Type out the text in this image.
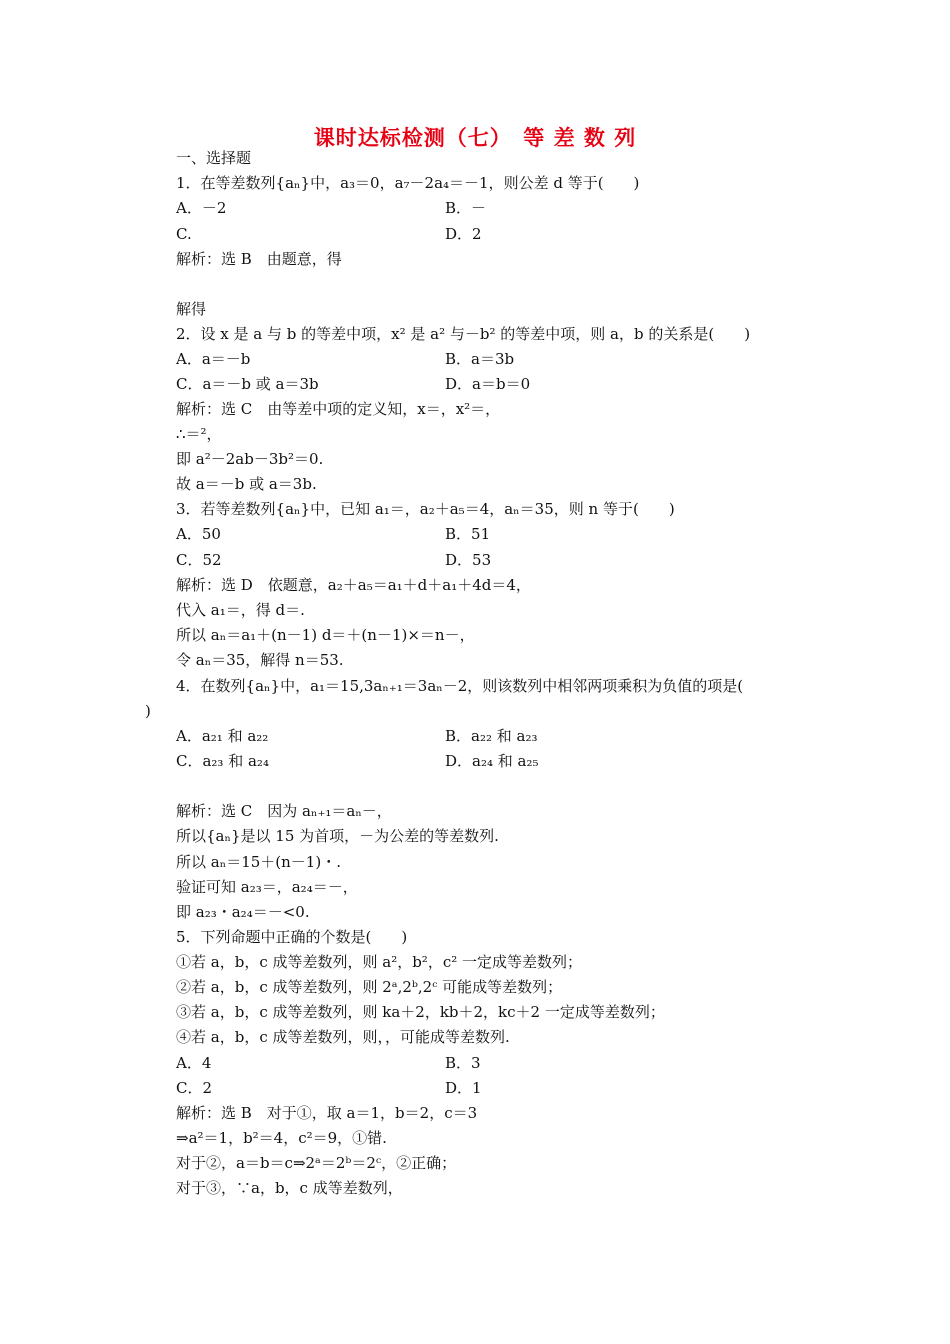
课时达标检测（七）　等 差 数 列
一、选择题
1．在等差数列{aₙ}中，a₃＝0，a₇－2a₄＝－1，则公差 d 等于(　　)
A．－2	B．－
C.	D．2
解析：选 B　由题意，得
解得
2．设 x 是 a 与 b 的等差中项，x² 是 a² 与－b² 的等差中项，则 a，b 的关系是(　　)
A．a＝－b	B．a＝3b
C．a＝－b 或 a＝3b	D．a＝b＝0
解析：选 C　由等差中项的定义知，x＝，x²＝，
∴＝²，
即 a²－2ab－3b²＝0.
故 a＝－b 或 a＝3b.
3．若等差数列{aₙ}中，已知 a₁＝，a₂＋a₅＝4，aₙ＝35，则 n 等于(　　)
A．50	B．51
C．52	D．53
解析：选 D　依题意，a₂＋a₅＝a₁＋d＋a₁＋4d＝4，
代入 a₁＝，得 d＝.
所以 aₙ＝a₁＋(n－1) d＝＋(n－1)×＝n－，
令 aₙ＝35，解得 n＝53.
4．在数列{aₙ}中，a₁＝15,3aₙ₊₁＝3aₙ－2，则该数列中相邻两项乘积为负值的项是(
)
A．a₂₁ 和 a₂₂	B．a₂₂ 和 a₂₃
C．a₂₃ 和 a₂₄	D．a₂₄ 和 a₂₅
解析：选 C　因为 aₙ₊₁＝aₙ－，
所以{aₙ}是以 15 为首项，－为公差的等差数列.
所以 aₙ＝15＋(n－1)・.
验证可知 a₂₃＝，a₂₄＝－，
即 a₂₃・a₂₄＝－<0.
5．下列命题中正确的个数是(　　)
①若 a，b，c 成等差数列，则 a²，b²，c² 一定成等差数列；
②若 a，b，c 成等差数列，则 2ᵃ,2ᵇ,2ᶜ 可能成等差数列；
③若 a，b，c 成等差数列，则 ka＋2，kb＋2，kc＋2 一定成等差数列；
④若 a，b，c 成等差数列，则，，可能成等差数列.
A．4	B．3
C．2	D．1
解析：选 B　对于①，取 a＝1，b＝2，c＝3
⇒a²＝1，b²＝4，c²＝9，①错.
对于②，a＝b＝c⇒2ᵃ＝2ᵇ＝2ᶜ，②正确；
对于③，∵a，b，c 成等差数列，
